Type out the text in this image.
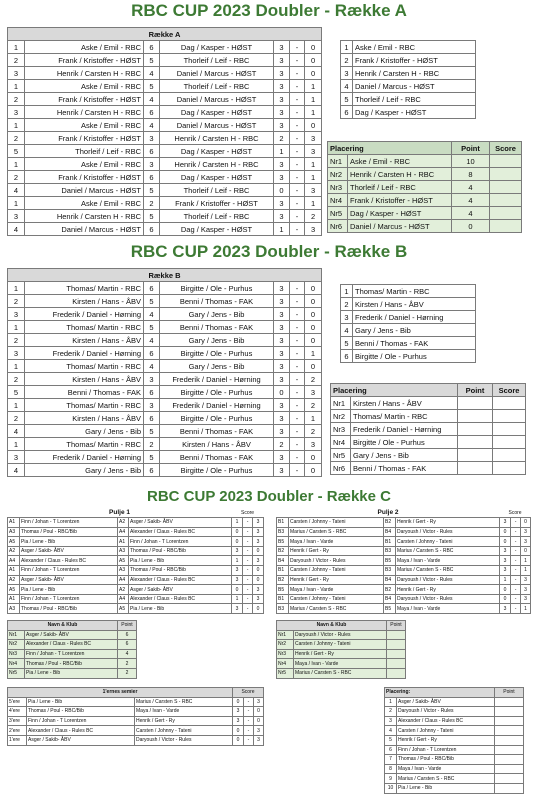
RBC CUP 2023 Doubler - Række A
Række A						
1	Aske / Emil - RBC	6	Dag / Kasper - HØST	3	-	0
2	Frank / Kristoffer - HØST	5	Thorleif / Leif - RBC	3	-	0
3	Henrik / Carsten H - RBC	4	Daniel / Marcus - HØST	3	-	0
1	Aske / Emil - RBC	5	Thorleif / Leif - RBC	3	-	1
2	Frank / Kristoffer - HØST	4	Daniel / Marcus - HØST	3	-	1
3	Henrik / Carsten H - RBC	6	Dag / Kasper - HØST	3	-	1
1	Aske / Emil - RBC	4	Daniel / Marcus - HØST	3	-	0
2	Frank / Kristoffer - HØST	3	Henrik / Carsten H - RBC	2	-	3
5	Thorleif / Leif - RBC	6	Dag / Kasper - HØST	1	-	3
1	Aske / Emil - RBC	3	Henrik / Carsten H - RBC	3	-	1
2	Frank / Kristoffer - HØST	6	Dag / Kasper - HØST	3	-	1
4	Daniel / Marcus - HØST	5	Thorleif / Leif - RBC	0	-	3
1	Aske / Emil - RBC	2	Frank / Kristoffer - HØST	3	-	1
3	Henrik / Carsten H - RBC	5	Thorleif / Leif - RBC	3	-	2
4	Daniel / Marcus - HØST	6	Dag / Kasper - HØST	1	-	3
1	Aske / Emil - RBC
2	Frank / Kristoffer - HØST
3	Henrik / Carsten H - RBC
4	Daniel / Marcus - HØST
5	Thorleif / Leif - RBC
6	Dag / Kasper - HØST
Placering		Point	Score
Nr1	Aske / Emil - RBC	10	
Nr2	Henrik / Carsten H - RBC	8	
Nr3	Thorleif / Leif - RBC	4	
Nr4	Frank / Kristoffer - HØST	4	
Nr5	Dag / Kasper - HØST	4	
Nr6	Daniel / Marcus - HØST	0	
RBC CUP 2023 Doubler - Række B
Række B						
1	Thomas/ Martin - RBC	6	Birgitte / Ole - Purhus	3	-	0
2	Kirsten / Hans - ÅBV	5	Benni / Thomas - FAK	3	-	0
3	Frederik / Daniel - Hørning	4	Gary / Jens - Bib	3	-	0
1	Thomas/ Martin - RBC	5	Benni / Thomas - FAK	3	-	0
2	Kirsten / Hans - ÅBV	4	Gary / Jens - Bib	3	-	0
3	Frederik / Daniel - Hørning	6	Birgitte / Ole - Purhus	3	-	1
1	Thomas/ Martin - RBC	4	Gary / Jens - Bib	3	-	0
2	Kirsten / Hans - ÅBV	3	Frederik / Daniel - Hørning	3	-	2
5	Benni / Thomas - FAK	6	Birgitte / Ole - Purhus	0	-	3
1	Thomas/ Martin - RBC	3	Frederik / Daniel - Hørning	3	-	2
2	Kirsten / Hans - ÅBV	6	Birgitte / Ole - Purhus	3	-	1
4	Gary / Jens - Bib	5	Benni / Thomas - FAK	3	-	2
1	Thomas/ Martin - RBC	2	Kirsten / Hans - ÅBV	2	-	3
3	Frederik / Daniel - Hørning	5	Benni / Thomas - FAK	3	-	0
4	Gary / Jens - Bib	6	Birgitte / Ole - Purhus	3	-	0
1	Thomas/ Martin - RBC
2	Kirsten / Hans - ÅBV
3	Frederik / Daniel - Hørning
4	Gary / Jens - Bib
5	Benni / Thomas - FAK
6	Birgitte / Ole - Purhus
Placering		Point	Score
Nr1	Kirsten / Hans - ÅBV		
Nr2	Thomas/ Martin - RBC		
Nr3	Frederik / Daniel - Hørning		
Nr4	Birgitte / Ole - Purhus		
Nr5	Gary / Jens - Bib		
Nr6	Benni / Thomas - FAK		
RBC CUP 2023 Doubler - Række C
Pulje 1				Score		
A1	Finn / Johan - T Lorentzen	A2	Asger / Sakib- ÅBV	1	-	3
A3	Thomas / Poul - RBC/Bib	A4	Alexander / Claus - Rules BC	0	-	3
A5	Pia / Lene - Bib	A1	Finn / Johan - T Lorentzen	0	-	3
A2	Asger / Sakib- ÅBV	A3	Thomas / Poul - RBC/Bib	3	-	0
A4	Alexander / Claus - Rules BC	A5	Pia / Lene - Bib	1	-	3
A1	Finn / Johan - T Lorentzen	A3	Thomas / Poul - RBC/Bib	3	-	0
A2	Asger / Sakib- ÅBV	A4	Alexander / Claus - Rules BC	3	-	0
A5	Pia / Lene - Bib	A2	Asger / Sakib- ÅBV	0	-	3
A1	Finn / Johan - T Lorentzen	A4	Alexander / Claus - Rules BC	1	-	3
A3	Thomas / Poul - RBC/Bib	A5	Pia / Lene - Bib	3	-	0
Pulje 2				Score		
B1	Carsten / Johnny - Tateni	B2	Henrik / Gert - Ry	3	-	0
B3	Marius / Carsten S - RBC	B4	Daryoush / Victor - Rules	0	-	3
B5	Maya / Ivan - Varde	B1	Carsten / Johnny - Tateni	0	-	3
B2	Henrik / Gert - Ry	B3	Marius / Carsten S - RBC	3	-	0
B4	Daryoush / Victor - Rules	B5	Maya / Ivan - Varde	3	-	1
B1	Carsten / Johnny - Tateni	B3	Marius / Carsten S - RBC	3	-	1
B2	Henrik / Gert - Ry	B4	Daryoush / Victor - Rules	1	-	3
B5	Maya / Ivan - Varde	B2	Henrik / Gert - Ry	0	-	3
B1	Carsten / Johnny - Tateni	B4	Daryoush / Victor - Rules	0	-	3
B3	Marius / Carsten S - RBC	B5	Maya / Ivan - Varde	3	-	1
Navn & Klub		Point
Nr1	Asger / Sakib- ÅBV	6
Nr2	Alexander / Claus - Rules BC	6
Nr3	Finn / Johan - T Lorentzen	4
Nr4	Thomas / Poul - RBC/Bib	2
Nr5	Pia / Lene - Bib	2
Navn & Klub		Point
Nr1	Daryoush / Victor - Rules	
Nr2	Carsten / Johnny - Tateni	
Nr3	Henrik / Gert - Ry	
Nr4	Maya / Ivan - Varde	
Nr5	Marius / Carsten S - RBC	
1'ernes semier			Score		
5'ere	Pia / Lene - Bib	Marius / Carsten S - RBC	0	-	3
4'ere	Thomas / Poul - RBC/Bib	Maya / Ivan - Varde	3	-	0
3'ere	Finn / Johan - T Lorentzen	Henrik / Gert - Ry	3	-	0
2'ere	Alexander / Claus - Rules BC	Carsten / Johnny - Tateni	0	-	3
1'ere	Asger / Sakib- ÅBV	Daryoush / Victor - Rules	0	-	3
Placering:		Point
1	Asger / Sakib- ÅBV	
2	Daryoush / Victor - Rules	
3	Alexander / Claus - Rules BC	
4	Carsten / Johnny - Tateni	
5	Henrik / Gert - Ry	
6	Finn / Johan - T Lorentzen	
7	Thomas / Poul - RBC/Bib	
8	Maya / Ivan - Varde	
9	Marius / Carsten S - RBC	
10	Pia / Lene - Bib	
